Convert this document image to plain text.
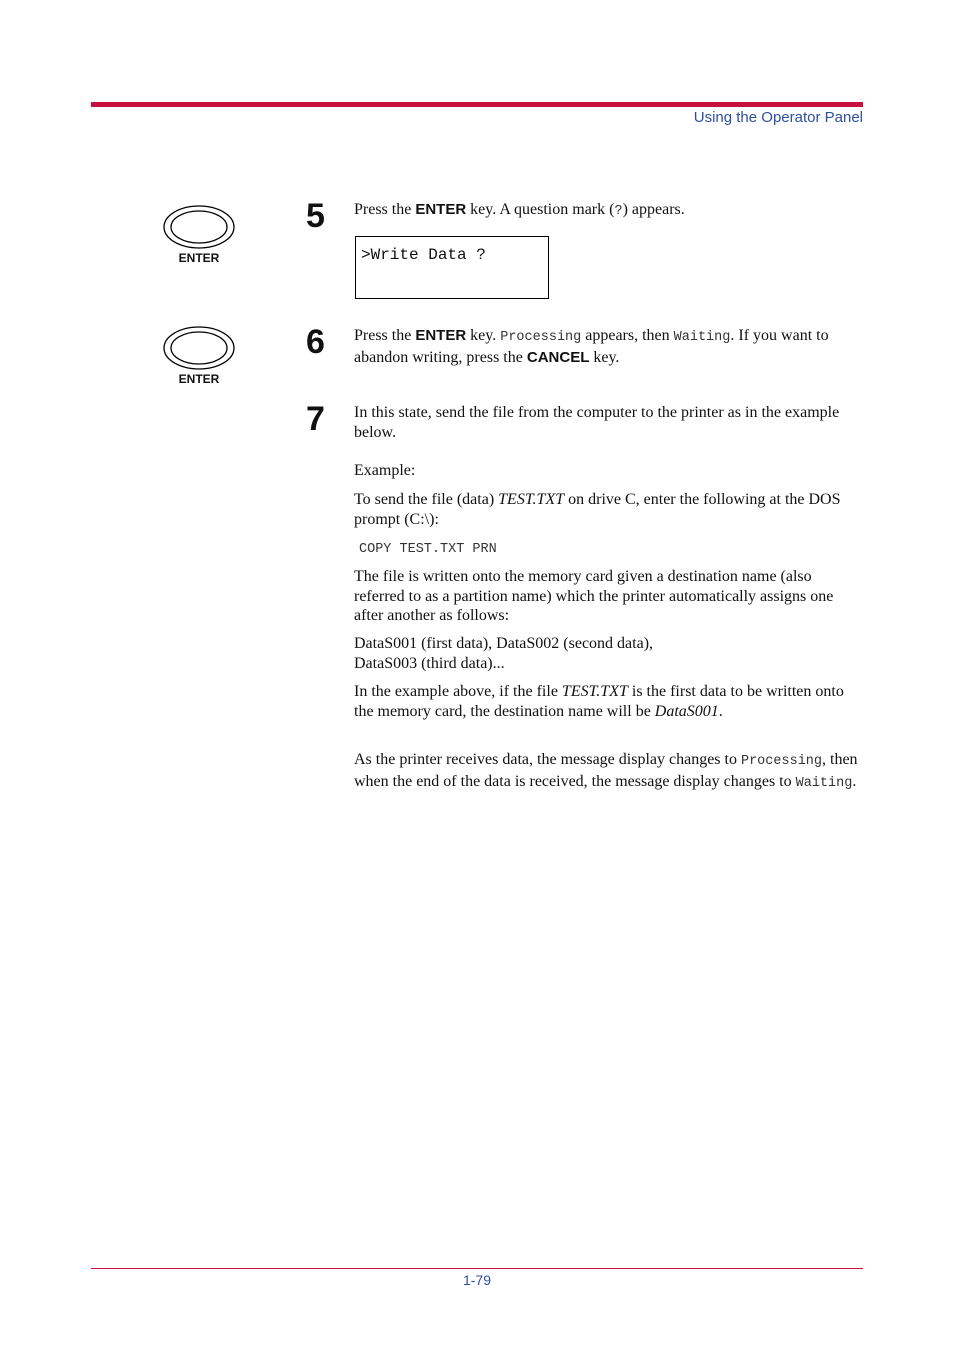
Using the Operator Panel
ENTER
ENTER
5 Press the ENTER key. A question mark (?) appears.

>Write Data ?
6 Press the ENTER key. Processing appears, then Waiting. If you want to abandon writing, press the CANCEL key.

7 In this state, send the file from the computer to the printer as in the example below.

Example:

To send the file (data) TEST.TXT on drive C, enter the following at the DOS prompt (C:\):

COPY TEST.TXT PRN

The file is written onto the memory card given a destination name (also referred to as a partition name) which the printer automatically assigns one after another as follows:

DataS001 (first data), DataS002 (second data),

DataS003 (third data)...

In the example above, if the file TEST.TXT is the first data to be written onto the memory card, the destination name will be DataS001.

As the printer receives data, the message display changes to Processing, then when the end of the data is received, the message display changes to Waiting.

1-79
